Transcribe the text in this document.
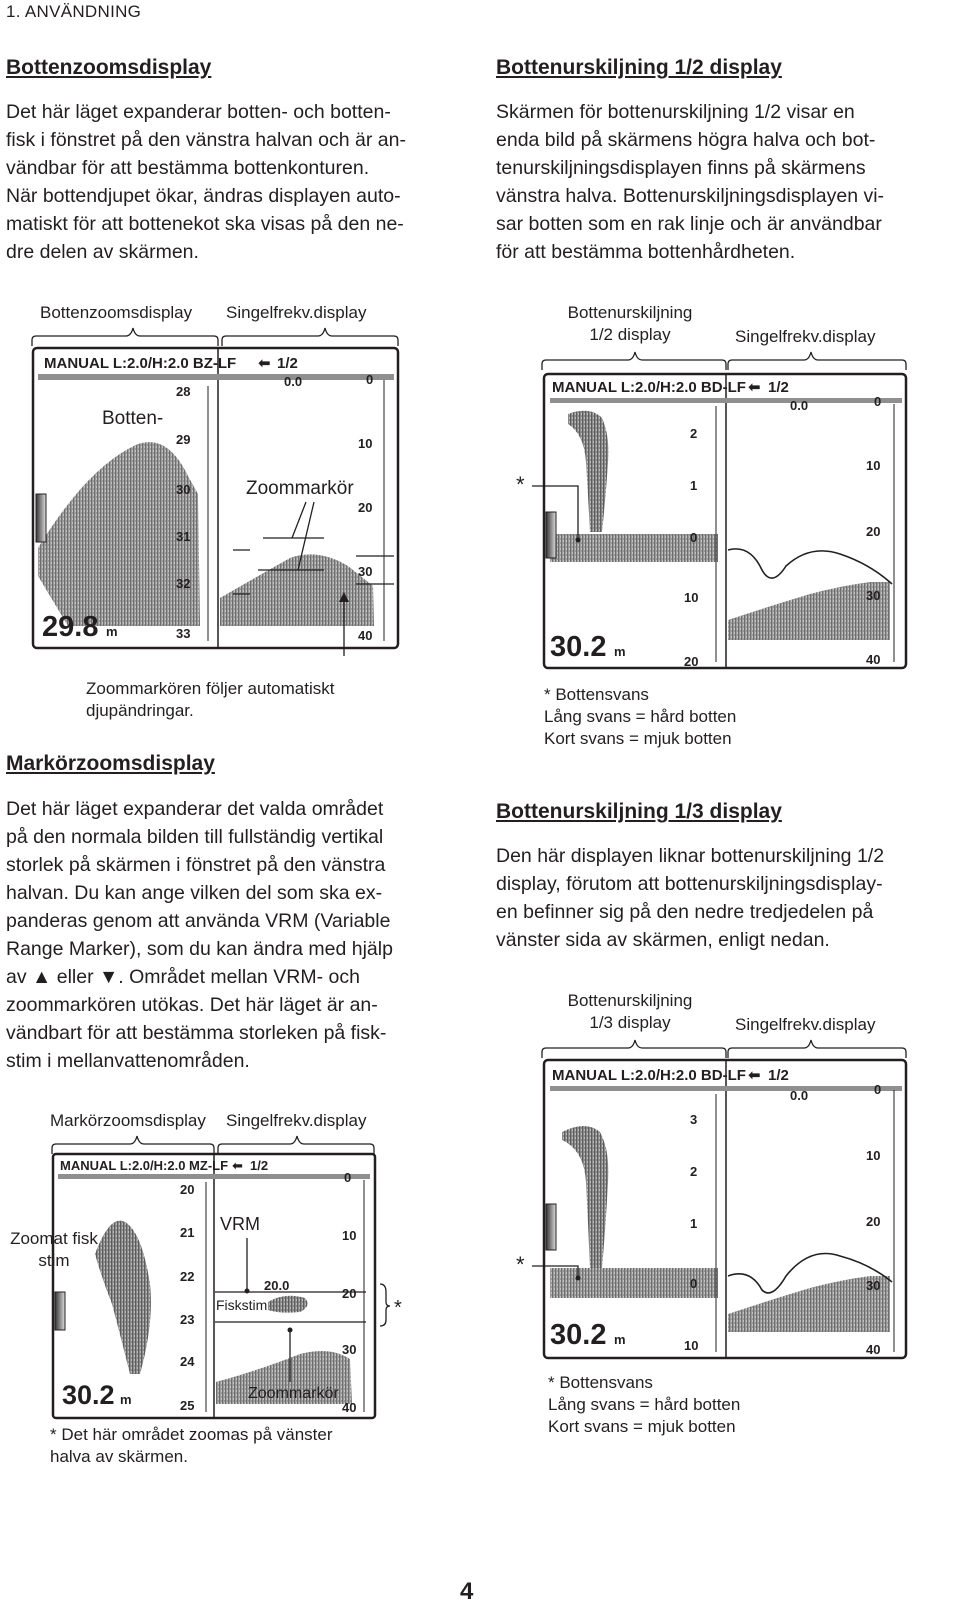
1. ANVÄNDNING
Bottenzoomsdisplay
Det här läget expanderar botten- och botten-
fisk i fönstret på den vänstra halvan och är an-
vändbar för att bestämma bottenkonturen.
När bottendjupet ökar, ändras displayen auto-
matiskt för att bottenekot ska visas på den ne-
dre delen av skärmen.
Bottenzoomsdisplay Singelfrekv.display
MANUAL L:2.0/H:2.0 BZ-LF ⬅ 1/2
0.0
Botten-
28
29
30
31
32
33
Zoommarkör
0
10
20
30
40
29.8 m
Zoommarkören följer automatiskt
djupändringar.
Markörzoomsdisplay
Det här läget expanderar det valda området
på den normala bilden till fullständig vertikal
storlek på skärmen i fönstret på den vänstra
halvan. Du kan ange vilken del som ska ex-
panderas genom att använda VRM (Variable
Range Marker), som du kan ändra med hjälp
av ▲ eller ▼. Området mellan VRM- och
zoommarkören utökas. Det här läget är an-
vändbart för att bestämma storleken på fisk-
stim i mellanvattenområden.
Markörzoomsdisplay Singelfrekv.display
MANUAL L:2.0/H:2.0 MZ-LF ⬅ 1/2
20
21
22
23
24
25
VRM
20.0
Fiskstim
Zoommarkör
0
10
20
30
40
*
30.2 m
Zoomat fisk
stim
* Det här området zoomas på vänster
halva av skärmen.
Bottenurskiljning 1/2 display
Skärmen för bottenurskiljning 1/2 visar en
enda bild på skärmens högra halva och bot-
tenurskiljningsdisplayen finns på skärmens
vänstra halva. Bottenurskiljningsdisplayen vi-
sar botten som en rak linje och är användbar
för att bestämma bottenhårdheten.
Bottenurskiljning
1/2 display	Singelfrekv.display
MANUAL L:2.0/H:2.0 BD-LF ⬅ 1/2
0.0
2
1
0
10
20
0
10
20
30
40
30.2 m
*
* Bottensvans
Lång svans = hård botten
Kort svans = mjuk botten
Bottenurskiljning 1/3 display
Den här displayen liknar bottenurskiljning 1/2
display, förutom att bottenurskiljningsdisplay-
en befinner sig på den nedre tredjedelen på
vänster sida av skärmen, enligt nedan.
Bottenurskiljning
1/3 display	Singelfrekv.display
MANUAL L:2.0/H:2.0 BD-LF ⬅ 1/2
0.0
3
2
1
0
10
0
10
20
30
40
30.2 m
*
* Bottensvans
Lång svans = hård botten
Kort svans = mjuk botten
4
